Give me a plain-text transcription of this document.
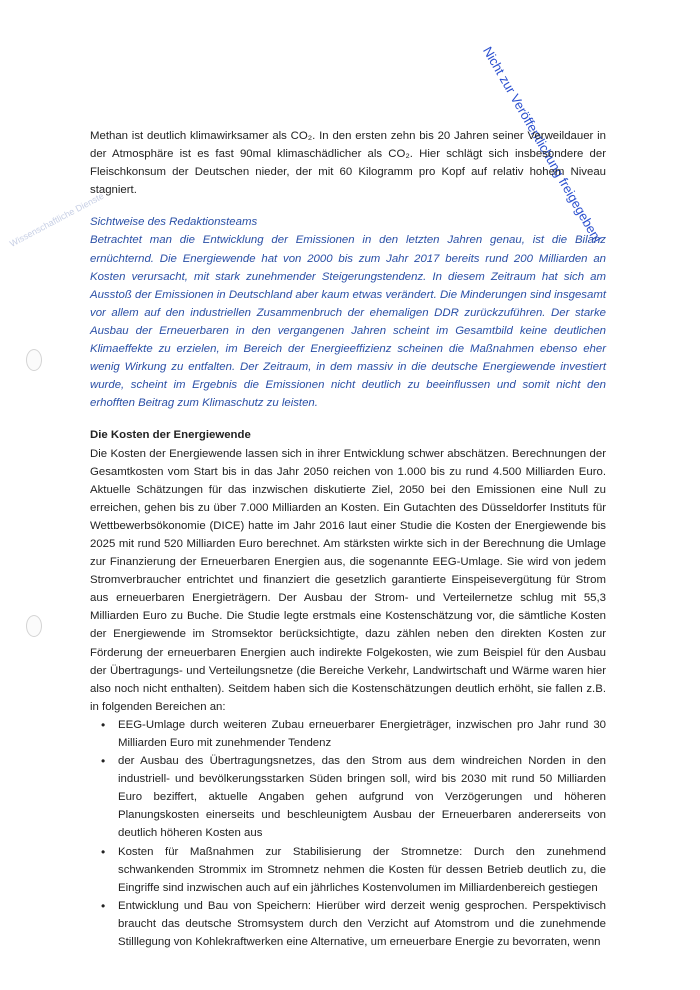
Nicht zur Veröffentlichung freigegeben!
Wissenschaftliche Dienste

Methan ist deutlich klimawirksamer als CO₂. In den ersten zehn bis 20 Jahren seiner Verweildauer in der Atmosphäre ist es fast 90mal klimaschädlicher als CO₂. Hier schlägt sich insbesondere der Fleischkonsum der Deutschen nieder, der mit 60 Kilogramm pro Kopf auf relativ hohem Niveau stagniert.

Sichtweise des Redaktionsteams

Betrachtet man die Entwicklung der Emissionen in den letzten Jahren genau, ist die Bilanz ernüchternd. Die Energiewende hat von 2000 bis zum Jahr 2017 bereits rund 200 Milliarden an Kosten verursacht, mit stark zunehmender Steigerungstendenz. In diesem Zeitraum hat sich am Ausstoß der Emissionen in Deutschland aber kaum etwas verändert. Die Minderungen sind insgesamt vor allem auf den industriellen Zusammenbruch der ehemaligen DDR zurückzuführen. Der starke Ausbau der Erneuerbaren in den vergangenen Jahren scheint im Gesamtbild keine deutlichen Klimaeffekte zu erzielen, im Bereich der Energieeffizienz scheinen die Maßnahmen ebenso eher wenig Wirkung zu entfalten. Der Zeitraum, in dem massiv in die deutsche Energiewende investiert wurde, scheint im Ergebnis die Emissionen nicht deutlich zu beeinflussen und somit nicht den erhofften Beitrag zum Klimaschutz zu leisten.

Die Kosten der Energiewende

Die Kosten der Energiewende lassen sich in ihrer Entwicklung schwer abschätzen. Berechnungen der Gesamtkosten vom Start bis in das Jahr 2050 reichen von 1.000 bis zu rund 4.500 Milliarden Euro. Aktuelle Schätzungen für das inzwischen diskutierte Ziel, 2050 bei den Emissionen eine Null zu erreichen, gehen bis zu über 7.000 Milliarden an Kosten. Ein Gutachten des Düsseldorfer Instituts für Wettbewerbsökonomie (DICE) hatte im Jahr 2016 laut einer Studie die Kosten der Energiewende bis 2025 mit rund 520 Milliarden Euro berechnet. Am stärksten wirkte sich in der Berechnung die Umlage zur Finanzierung der Erneuerbaren Energien aus, die sogenannte EEG-Umlage. Sie wird von jedem Stromverbraucher entrichtet und finanziert die gesetzlich garantierte Einspeisevergütung für Strom aus erneuerbaren Energieträgern. Der Ausbau der Strom- und Verteilernetze schlug mit 55,3 Milliarden Euro zu Buche. Die Studie legte erstmals eine Kostenschätzung vor, die sämtliche Kosten der Energiewende im Stromsektor berücksichtigte, dazu zählen neben den direkten Kosten zur Förderung der erneuerbaren Energien auch indirekte Folgekosten, wie zum Beispiel für den Ausbau der Übertragungs- und Verteilungsnetze (die Bereiche Verkehr, Landwirtschaft und Wärme waren hier also noch nicht enthalten). Seitdem haben sich die Kostenschätzungen deutlich erhöht, sie fallen z.B. in folgenden Bereichen an:

• EEG-Umlage durch weiteren Zubau erneuerbarer Energieträger, inzwischen pro Jahr rund 30 Milliarden Euro mit zunehmender Tendenz
• der Ausbau des Übertragungsnetzes, das den Strom aus dem windreichen Norden in den industriell- und bevölkerungsstarken Süden bringen soll, wird bis 2030 mit rund 50 Milliarden Euro beziffert, aktuelle Angaben gehen aufgrund von Verzögerungen und höheren Planungskosten einerseits und beschleunigtem Ausbau der Erneuerbaren andererseits von deutlich höheren Kosten aus
• Kosten für Maßnahmen zur Stabilisierung der Stromnetze: Durch den zunehmend schwankenden Strommix im Stromnetz nehmen die Kosten für dessen Betrieb deutlich zu, die Eingriffe sind inzwischen auch auf ein jährliches Kostenvolumen im Milliardenbereich gestiegen
• Entwicklung und Bau von Speichern: Hierüber wird derzeit wenig gesprochen. Perspektivisch braucht das deutsche Stromsystem durch den Verzicht auf Atomstrom und die zunehmende Stilllegung von Kohlekraftwerken eine Alternative, um erneuerbare Energie zu bevorraten, wenn
